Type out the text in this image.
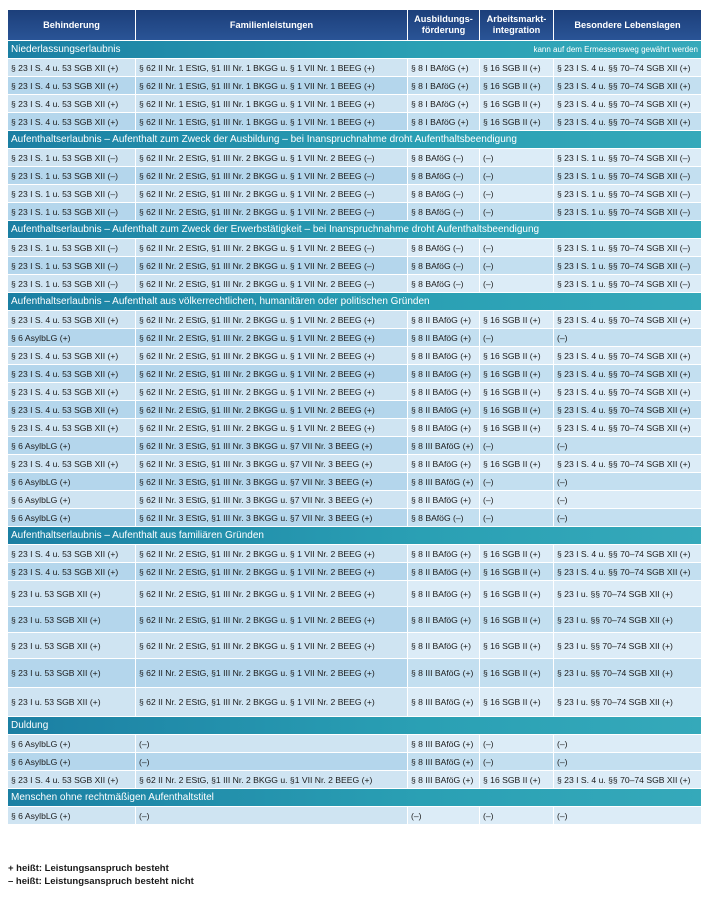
Behinderung	Familienleistungen	Ausbildungs-förderung	Arbeitsmarkt-integration	Besondere Lebenslagen
Niederlassungserlaubnis kann auf dem Ermessensweg gewährt werden				

§ 23 I S. 4 u. 53 SGB XII (+)	§ 62 II Nr. 1 EStG, §1 III Nr. 1 BKGG u. § 1 VII Nr. 1 BEEG (+)	§ 8 I BAföG (+)	§ 16 SGB II (+)	§ 23 I S. 4 u. §§ 70–74 SGB XII (+)
§ 23 I S. 4 u. 53 SGB XII (+)	§ 62 II Nr. 1 EStG, §1 III Nr. 1 BKGG u. § 1 VII Nr. 1 BEEG (+)	§ 8 I BAföG (+)	§ 16 SGB II (+)	§ 23 I S. 4 u. §§ 70–74 SGB XII (+)
§ 23 I S. 4 u. 53 SGB XII (+)	§ 62 II Nr. 1 EStG, §1 III Nr. 1 BKGG u. § 1 VII Nr. 1 BEEG (+)	§ 8 I BAföG (+)	§ 16 SGB II (+)	§ 23 I S. 4 u. §§ 70–74 SGB XII (+)
§ 23 I S. 4 u. 53 SGB XII (+)	§ 62 II Nr. 1 EStG, §1 III Nr. 1 BKGG u. § 1 VII Nr. 1 BEEG (+)	§ 8 I BAföG (+)	§ 16 SGB II (+)	§ 23 I S. 4 u. §§ 70–74 SGB XII (+)
Aufenthaltserlaubnis – Aufenthalt zum Zweck der Ausbildung – bei Inanspruchnahme droht Aufenthaltsbeendigung				
§ 23 I S. 1 u. 53 SGB XII (–)	§ 62 II Nr. 2 EStG, §1 III Nr. 2 BKGG u. § 1 VII Nr. 2 BEEG (–)	§ 8 BAföG (–)	(–)	§ 23 I S. 1 u. §§ 70–74 SGB XII (–)
§ 23 I S. 1 u. 53 SGB XII (–)	§ 62 II Nr. 2 EStG, §1 III Nr. 2 BKGG u. § 1 VII Nr. 2 BEEG (–)	§ 8 BAföG (–)	(–)	§ 23 I S. 1 u. §§ 70–74 SGB XII (–)
§ 23 I S. 1 u. 53 SGB XII (–)	§ 62 II Nr. 2 EStG, §1 III Nr. 2 BKGG u. § 1 VII Nr. 2 BEEG (–)	§ 8 BAföG (–)	(–)	§ 23 I S. 1 u. §§ 70–74 SGB XII (–)
§ 23 I S. 1 u. 53 SGB XII (–)	§ 62 II Nr. 2 EStG, §1 III Nr. 2 BKGG u. § 1 VII Nr. 2 BEEG (–)	§ 8 BAföG (–)	(–)	§ 23 I S. 1 u. §§ 70–74 SGB XII (–)
Aufenthaltserlaubnis – Aufenthalt zum Zweck der Erwerbstätigkeit – bei Inanspruchnahme droht Aufenthaltsbeendigung				
§ 23 I S. 1 u. 53 SGB XII (–)	§ 62 II Nr. 2 EStG, §1 III Nr. 2 BKGG u. § 1 VII Nr. 2 BEEG (–)	§ 8 BAföG (–)	(–)	§ 23 I S. 1 u. §§ 70–74 SGB XII (–)
§ 23 I S. 1 u. 53 SGB XII (–)	§ 62 II Nr. 2 EStG, §1 III Nr. 2 BKGG u. § 1 VII Nr. 2 BEEG (–)	§ 8 BAföG (–)	(–)	§ 23 I S. 1 u. §§ 70–74 SGB XII (–)
§ 23 I S. 1 u. 53 SGB XII (–)	§ 62 II Nr. 2 EStG, §1 III Nr. 2 BKGG u. § 1 VII Nr. 2 BEEG (–)	§ 8 BAföG (–)	(–)	§ 23 I S. 1 u. §§ 70–74 SGB XII (–)
Aufenthaltserlaubnis – Aufenthalt aus völkerrechtlichen, humanitären oder politischen Gründen				
§ 23 I S. 4 u. 53 SGB XII (+)	§ 62 II Nr. 2 EStG, §1 III Nr. 2 BKGG u. § 1 VII Nr. 2 BEEG (+)	§ 8 II BAföG (+)	§ 16 SGB II (+)	§ 23 I S. 4 u. §§ 70–74 SGB XII (+)
§ 6 AsylbLG (+)	§ 62 II Nr. 2 EStG, §1 III Nr. 2 BKGG u. § 1 VII Nr. 2 BEEG (+)	§ 8 II BAföG (+)	(–)	(–)
§ 23 I S. 4 u. 53 SGB XII (+)	§ 62 II Nr. 2 EStG, §1 III Nr. 2 BKGG u. § 1 VII Nr. 2 BEEG (+)	§ 8 II BAföG (+)	§ 16 SGB II (+)	§ 23 I S. 4 u. §§ 70–74 SGB XII (+)
§ 23 I S. 4 u. 53 SGB XII (+)	§ 62 II Nr. 2 EStG, §1 III Nr. 2 BKGG u. § 1 VII Nr. 2 BEEG (+)	§ 8 II BAföG (+)	§ 16 SGB II (+)	§ 23 I S. 4 u. §§ 70–74 SGB XII (+)
§ 23 I S. 4 u. 53 SGB XII (+)	§ 62 II Nr. 2 EStG, §1 III Nr. 2 BKGG u. § 1 VII Nr. 2 BEEG (+)	§ 8 II BAföG (+)	§ 16 SGB II (+)	§ 23 I S. 4 u. §§ 70–74 SGB XII (+)
§ 23 I S. 4 u. 53 SGB XII (+)	§ 62 II Nr. 2 EStG, §1 III Nr. 2 BKGG u. § 1 VII Nr. 2 BEEG (+)	§ 8 II BAföG (+)	§ 16 SGB II (+)	§ 23 I S. 4 u. §§ 70–74 SGB XII (+)
§ 23 I S. 4 u. 53 SGB XII (+)	§ 62 II Nr. 2 EStG, §1 III Nr. 2 BKGG u. § 1 VII Nr. 2 BEEG (+)	§ 8 II BAföG (+)	§ 16 SGB II (+)	§ 23 I S. 4 u. §§ 70–74 SGB XII (+)
§ 6 AsylbLG (+)	§ 62 II Nr. 3 EStG, §1 III Nr. 3 BKGG u. §7 VII Nr. 3 BEEG (+)	§ 8 III BAföG (+)	(–)	(–)
§ 23 I S. 4 u. 53 SGB XII (+)	§ 62 II Nr. 3 EStG, §1 III Nr. 3 BKGG u. §7 VII Nr. 3 BEEG (+)	§ 8 II BAföG (+)	§ 16 SGB II (+)	§ 23 I S. 4 u. §§ 70–74 SGB XII (+)
§ 6 AsylbLG (+)	§ 62 II Nr. 3 EStG, §1 III Nr. 3 BKGG u. §7 VII Nr. 3 BEEG (+)	§ 8 III BAföG (+)	(–)	(–)
§ 6 AsylbLG (+)	§ 62 II Nr. 3 EStG, §1 III Nr. 3 BKGG u. §7 VII Nr. 3 BEEG (+)	§ 8 II BAföG (+)	(–)	(–)
§ 6 AsylbLG (+)	§ 62 II Nr. 3 EStG, §1 III Nr. 3 BKGG u. §7 VII Nr. 3 BEEG (+)	§ 8 BAföG (–)	(–)	(–)
Aufenthaltserlaubnis – Aufenthalt aus familiären Gründen				
§ 23 I S. 4 u. 53 SGB XII (+)	§ 62 II Nr. 2 EStG, §1 III Nr. 2 BKGG u. § 1 VII Nr. 2 BEEG (+)	§ 8 II BAföG (+)	§ 16 SGB II (+)	§ 23 I S. 4 u. §§ 70–74 SGB XII (+)
§ 23 I S. 4 u. 53 SGB XII (+)	§ 62 II Nr. 2 EStG, §1 III Nr. 2 BKGG u. § 1 VII Nr. 2 BEEG (+)	§ 8 II BAföG (+)	§ 16 SGB II (+)	§ 23 I S. 4 u. §§ 70–74 SGB XII (+)
§ 23 I u. 53 SGB XII (+)	§ 62 II Nr. 2 EStG, §1 III Nr. 2 BKGG u. § 1 VII Nr. 2 BEEG (+)	§ 8 II BAföG (+)	§ 16 SGB II (+)	§ 23 I u. §§ 70–74 SGB XII (+)
§ 23 I u. 53 SGB XII (+)	§ 62 II Nr. 2 EStG, §1 III Nr. 2 BKGG u. § 1 VII Nr. 2 BEEG (+)	§ 8 II BAföG (+)	§ 16 SGB II (+)	§ 23 I u. §§ 70–74 SGB XII (+)
§ 23 I u. 53 SGB XII (+)	§ 62 II Nr. 2 EStG, §1 III Nr. 2 BKGG u. § 1 VII Nr. 2 BEEG (+)	§ 8 II BAföG (+)	§ 16 SGB II (+)	§ 23 I u. §§ 70–74 SGB XII (+)
§ 23 I u. 53 SGB XII (+)	§ 62 II Nr. 2 EStG, §1 III Nr. 2 BKGG u. § 1 VII Nr. 2 BEEG (+)	§ 8 III BAföG (+)	§ 16 SGB II (+)	§ 23 I u. §§ 70–74 SGB XII (+)
§ 23 I u. 53 SGB XII (+)	§ 62 II Nr. 2 EStG, §1 III Nr. 2 BKGG u. § 1 VII Nr. 2 BEEG (+)	§ 8 III BAföG (+)	§ 16 SGB II (+)	§ 23 I u. §§ 70–74 SGB XII (+)
Duldung				
§ 6 AsylbLG (+)	(–)	§ 8 III BAföG (+)	(–)	(–)
§ 6 AsylbLG (+)	(–)	§ 8 III BAföG (+)	(–)	(–)
§ 23 I S. 4 u. 53 SGB XII (+)	§ 62 II Nr. 2 EStG, §1 III Nr. 2 BKGG u. §1 VII Nr. 2 BEEG (+)	§ 8 III BAföG (+)	§ 16 SGB II (+)	§ 23 I S. 4 u. §§ 70–74 SGB XII (+)
Menschen ohne rechtmäßigen Aufenthaltstitel				
§ 6 AsylbLG (+)	(–)	(–)	(–)	(–)
+ heißt: Leistungsanspruch besteht
– heißt: Leistungsanspruch besteht nicht
